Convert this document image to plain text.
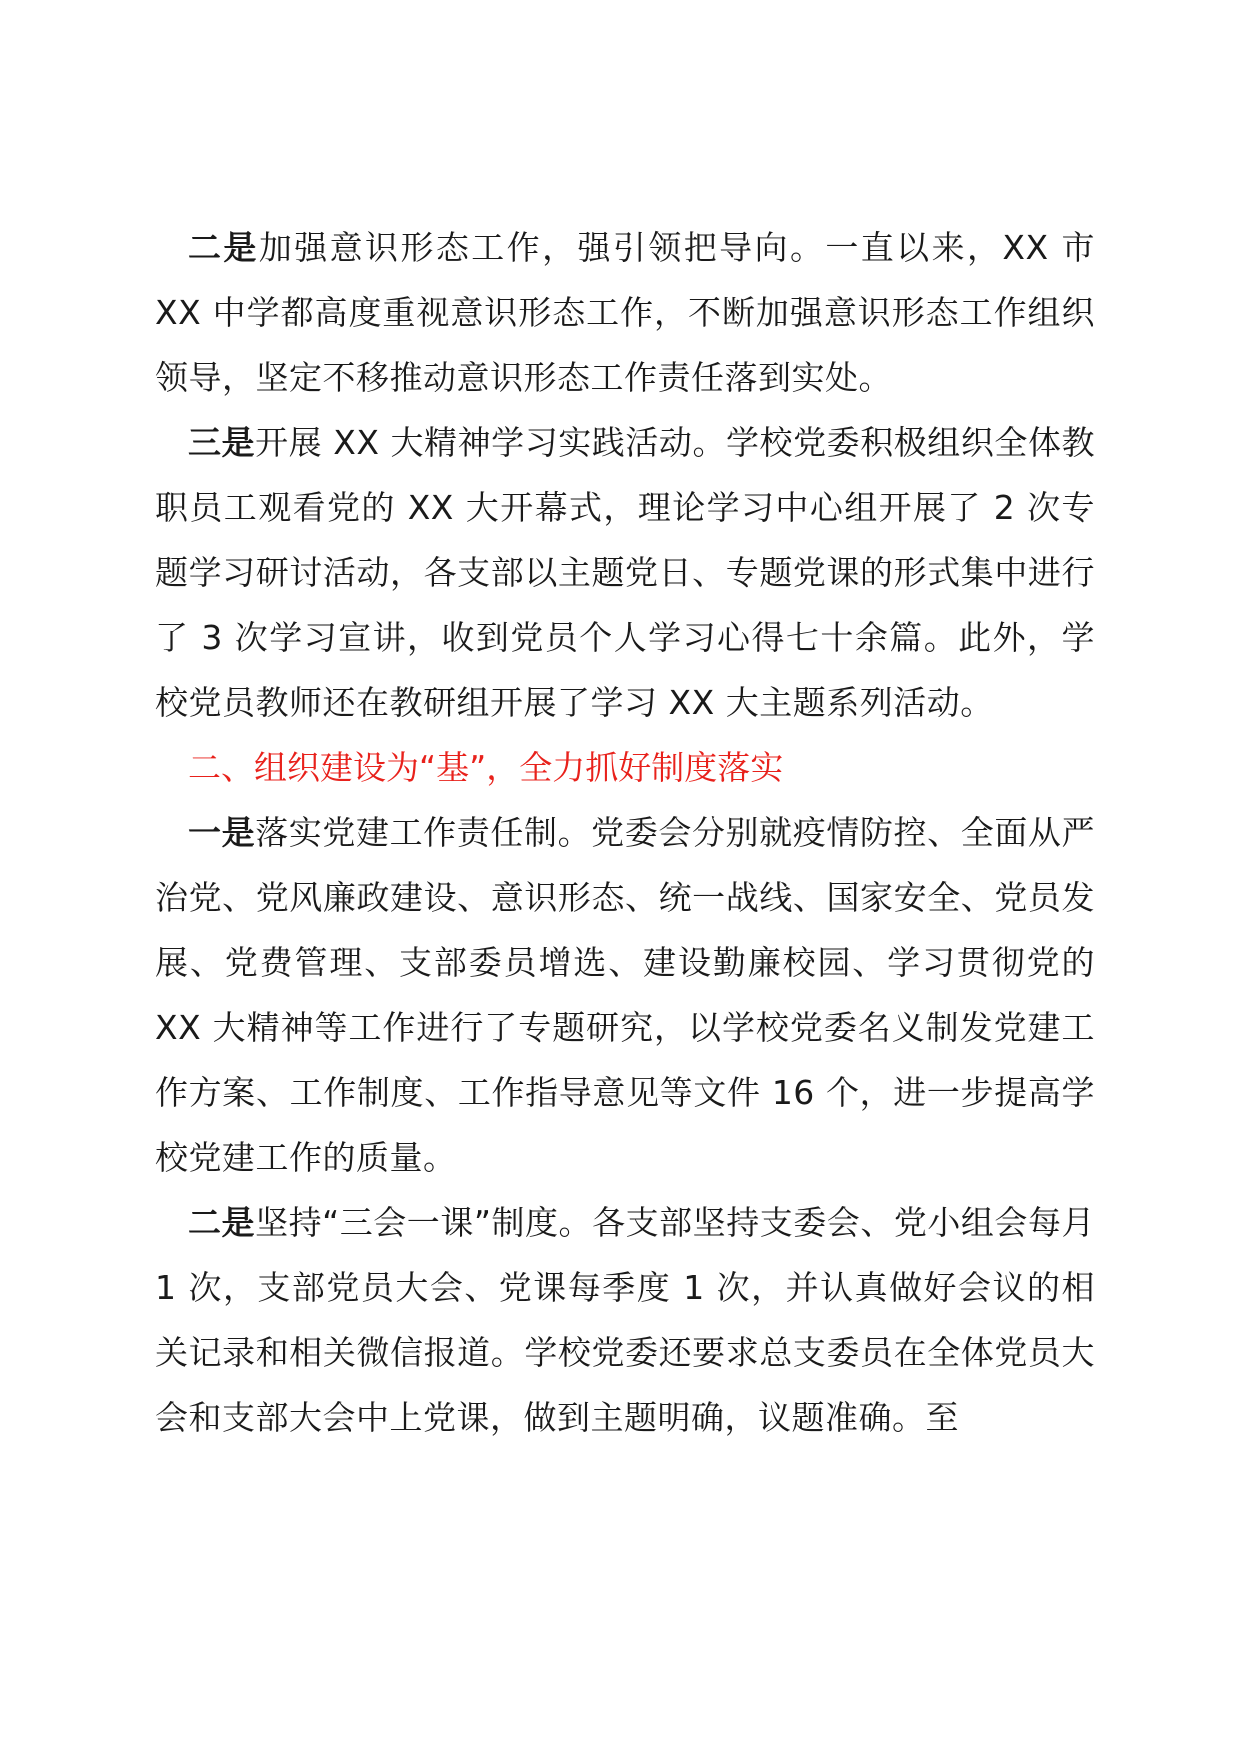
二是加强意识形态工作，强引领把导向。一直以来，XX 市 XX 中学都高度重视意识形态工作，不断加强意识形态工作组织领导，坚定不移推动意识形态工作责任落到实处。

三是开展 XX 大精神学习实践活动。学校党委积极组织全体教职员工观看党的 XX 大开幕式，理论学习中心组开展了 2 次专题学习研讨活动，各支部以主题党日、专题党课的形式集中进行了 3 次学习宣讲，收到党员个人学习心得七十余篇。此外，学校党员教师还在教研组开展了学习 XX 大主题系列活动。

二、组织建设为“基”，全力抓好制度落实

一是落实党建工作责任制。党委会分别就疫情防控、全面从严治党、党风廉政建设、意识形态、统一战线、国家安全、党员发展、党费管理、支部委员增选、建设勤廉校园、学习贯彻党的 XX 大精神等工作进行了专题研究，以学校党委名义制发党建工作方案、工作制度、工作指导意见等文件 16 个，进一步提高学校党建工作的质量。

二是坚持“三会一课”制度。各支部坚持支委会、党小组会每月 1 次，支部党员大会、党课每季度 1 次，并认真做好会议的相关记录和相关微信报道。学校党委还要求总支委员在全体党员大会和支部大会中上党课，做到主题明确，议题准确。至
